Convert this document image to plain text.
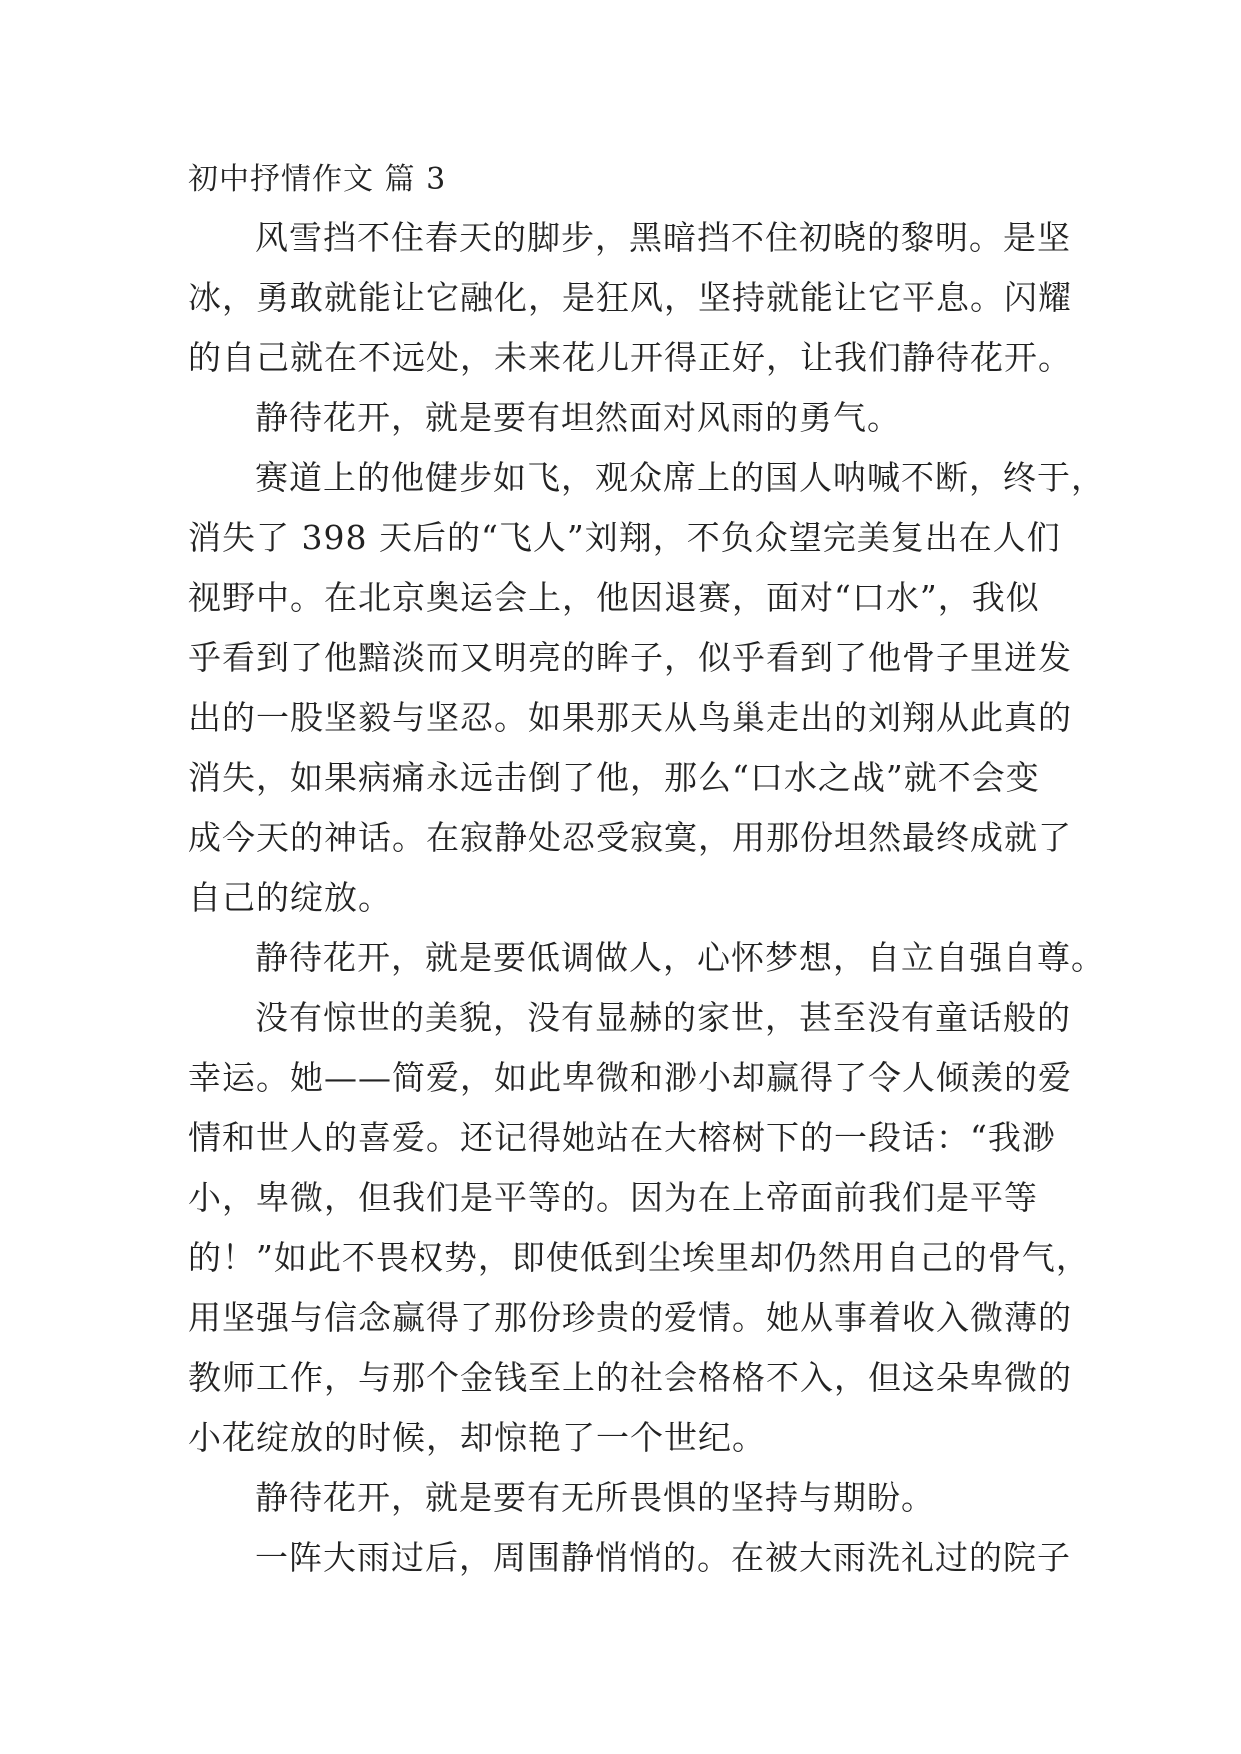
初中抒情作文 篇 3
风雪挡不住春天的脚步，黑暗挡不住初晓的黎明。是坚
冰，勇敢就能让它融化，是狂风，坚持就能让它平息。闪耀
的自己就在不远处，未来花儿开得正好，让我们静待花开。
静待花开，就是要有坦然面对风雨的勇气。
赛道上的他健步如飞，观众席上的国人呐喊不断，终于，
消失了 398 天后的“飞人”刘翔，不负众望完美复出在人们
视野中。在北京奥运会上，他因退赛，面对“口水”，我似
乎看到了他黯淡而又明亮的眸子，似乎看到了他骨子里迸发
出的一股坚毅与坚忍。如果那天从鸟巢走出的刘翔从此真的
消失，如果病痛永远击倒了他，那么“口水之战”就不会变
成今天的神话。在寂静处忍受寂寞，用那份坦然最终成就了
自己的绽放。
静待花开，就是要低调做人，心怀梦想，自立自强自尊。
没有惊世的美貌，没有显赫的家世，甚至没有童话般的
幸运。她——简爱，如此卑微和渺小却赢得了令人倾羡的爱
情和世人的喜爱。还记得她站在大榕树下的一段话：“我渺
小，卑微，但我们是平等的。因为在上帝面前我们是平等
的！”如此不畏权势，即使低到尘埃里却仍然用自己的骨气，
用坚强与信念赢得了那份珍贵的爱情。她从事着收入微薄的
教师工作，与那个金钱至上的社会格格不入，但这朵卑微的
小花绽放的时候，却惊艳了一个世纪。
静待花开，就是要有无所畏惧的坚持与期盼。
一阵大雨过后，周围静悄悄的。在被大雨洗礼过的院子
